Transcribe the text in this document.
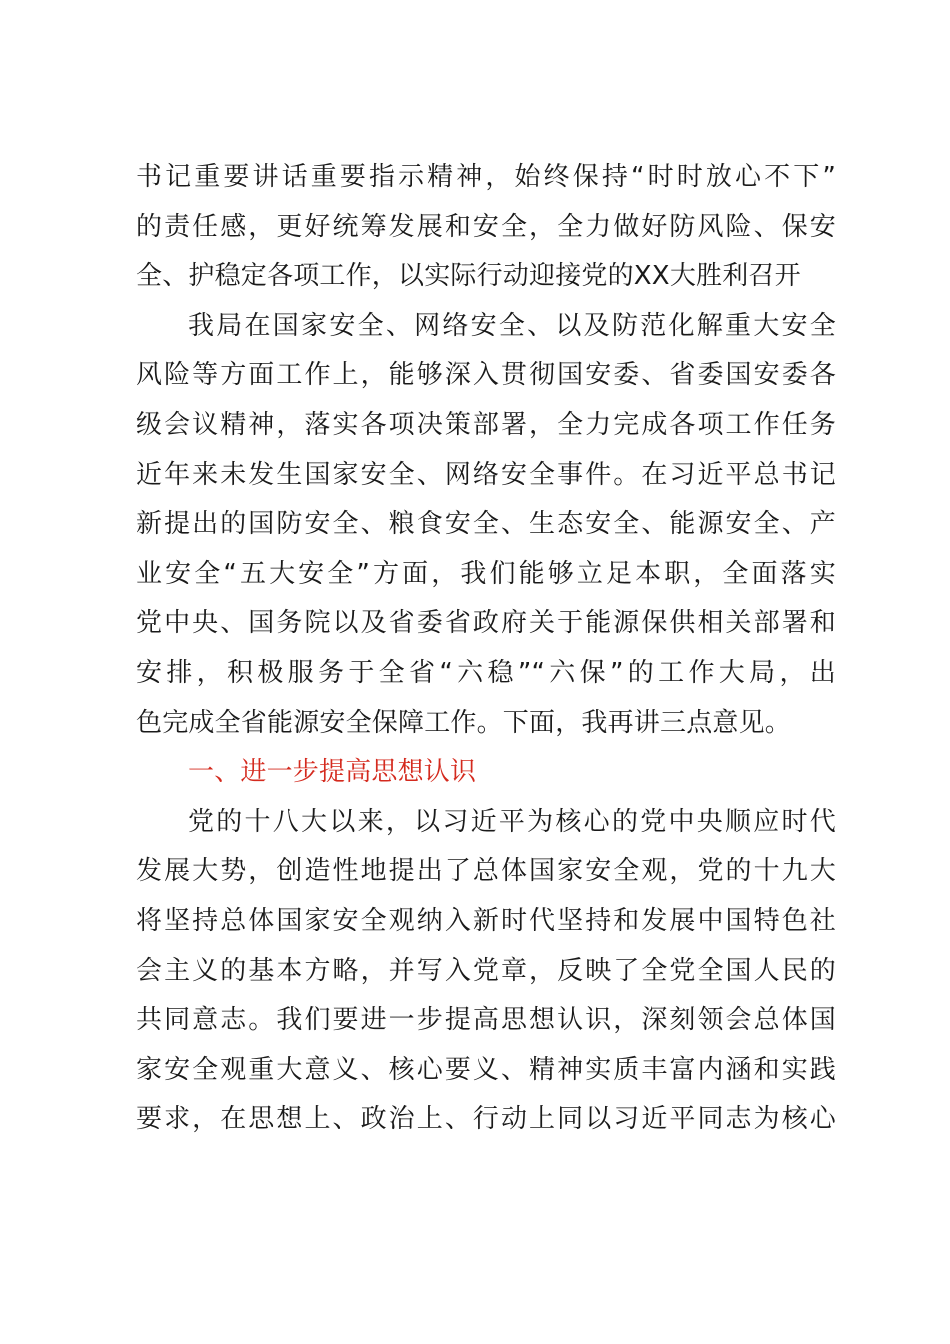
书记重要讲话重要指示精神，始终保持“时时放心不下”
的责任感，更好统筹发展和安全，全力做好防风险、保安
全、护稳定各项工作，以实际行动迎接党的XX大胜利召开
我局在国家安全、网络安全、以及防范化解重大安全
风险等方面工作上，能够深入贯彻国安委、省委国安委各
级会议精神，落实各项决策部署，全力完成各项工作任务
近年来未发生国家安全、网络安全事件。在习近平总书记
新提出的国防安全、粮食安全、生态安全、能源安全、产
业安全“五大安全”方面，我们能够立足本职，全面落实
党中央、国务院以及省委省政府关于能源保供相关部署和
安排，积极服务于全省“六稳”“六保”的工作大局，出
色完成全省能源安全保障工作。下面，我再讲三点意见。
一、进一步提高思想认识
党的十八大以来，以习近平为核心的党中央顺应时代
发展大势，创造性地提出了总体国家安全观，党的十九大
将坚持总体国家安全观纳入新时代坚持和发展中国特色社
会主义的基本方略，并写入党章，反映了全党全国人民的
共同意志。我们要进一步提高思想认识，深刻领会总体国
家安全观重大意义、核心要义、精神实质丰富内涵和实践
要求，在思想上、政治上、行动上同以习近平同志为核心
